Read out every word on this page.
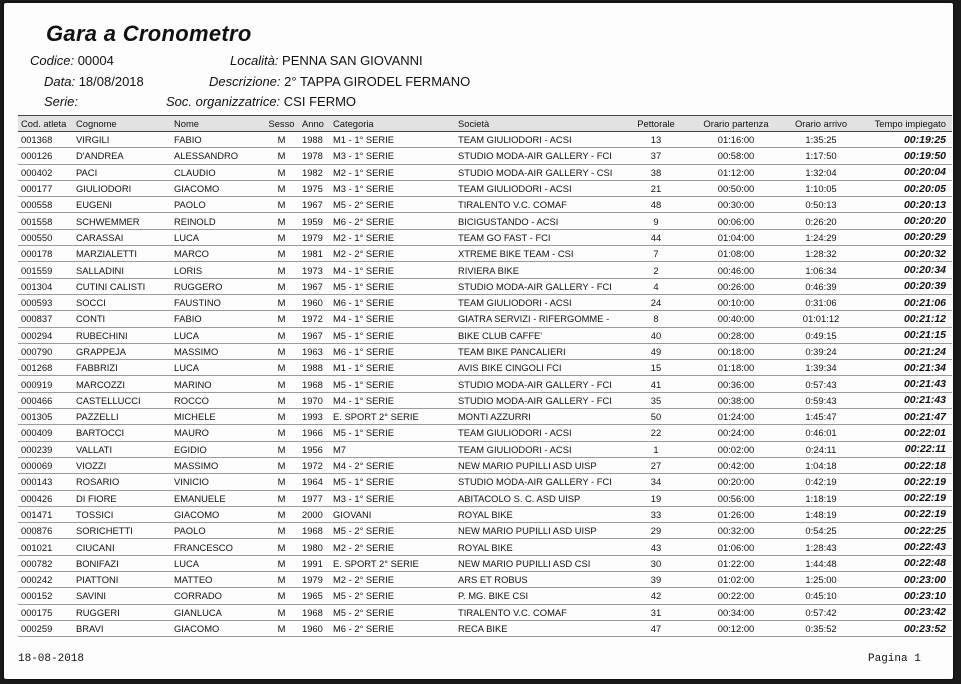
Gara a Cronometro
Codice: 00004
Data: 18/08/2018
Serie:
Località: PENNA SAN GIOVANNI
Descrizione: 2° TAPPA GIRODEL FERMANO
Soc. organizzatrice: CSI FERMO
Cod. atleta	Cognome	Nome	Sesso	Anno	Categoria	Società	Pettorale	Orario partenza	Orario arrivo	Tempo impiegato
001368	VIRGILI	FABIO	M	1988	M1 - 1° SERIE	TEAM GIULIODORI - ACSI	13	01:16:00	1:35:25	00:19:25
000126	D'ANDREA	ALESSANDRO	M	1978	M3 - 1° SERIE	STUDIO MODA-AIR GALLERY - FCI	37	00:58:00	1:17:50	00:19:50
000402	PACI	CLAUDIO	M	1982	M2 - 1° SERIE	STUDIO MODA-AIR GALLERY - CSI	38	01:12:00	1:32:04	00:20:04
000177	GIULIODORI	GIACOMO	M	1975	M3 - 1° SERIE	TEAM GIULIODORI - ACSI	21	00:50:00	1:10:05	00:20:05
000558	EUGENI	PAOLO	M	1967	M5 - 2° SERIE	TIRALENTO V.C. COMAF	48	00:30:00	0:50:13	00:20:13
001558	SCHWEMMER	REINOLD	M	1959	M6 - 2° SERIE	BICIGUSTANDO - ACSI	9	00:06:00	0:26:20	00:20:20
000550	CARASSAI	LUCA	M	1979	M2 - 1° SERIE	TEAM GO FAST - FCI	44	01:04:00	1:24:29	00:20:29
000178	MARZIALETTI	MARCO	M	1981	M2 - 2° SERIE	XTREME BIKE TEAM - CSI	7	01:08:00	1:28:32	00:20:32
001559	SALLADINI	LORIS	M	1973	M4 - 1° SERIE	RIVIERA BIKE	2	00:46:00	1:06:34	00:20:34
001304	CUTINI CALISTI	RUGGERO	M	1967	M5 - 1° SERIE	STUDIO MODA-AIR GALLERY - FCI	4	00:26:00	0:46:39	00:20:39
000593	SOCCI	FAUSTINO	M	1960	M6 - 1° SERIE	TEAM GIULIODORI - ACSI	24	00:10:00	0:31:06	00:21:06
000837	CONTI	FABIO	M	1972	M4 - 1° SERIE	GIATRA SERVIZI - RIFERGOMME -	8	00:40:00	01:01:12	00:21:12
000294	RUBECHINI	LUCA	M	1967	M5 - 1° SERIE	BIKE CLUB CAFFE'	40	00:28:00	0:49:15	00:21:15
000790	GRAPPEJA	MASSIMO	M	1963	M6 - 1° SERIE	TEAM BIKE PANCALIERI	49	00:18:00	0:39:24	00:21:24
001268	FABBRIZI	LUCA	M	1988	M1 - 1° SERIE	AVIS BIKE CINGOLI FCI	15	01:18:00	1:39:34	00:21:34
000919	MARCOZZI	MARINO	M	1968	M5 - 1° SERIE	STUDIO MODA-AIR GALLERY - FCI	41	00:36:00	0:57:43	00:21:43
000466	CASTELLUCCI	ROCCO	M	1970	M4 - 1° SERIE	STUDIO MODA-AIR GALLERY - FCI	35	00:38:00	0:59:43	00:21:43
001305	PAZZELLI	MICHELE	M	1993	E. SPORT 2° SERIE	MONTI AZZURRI	50	01:24:00	1:45:47	00:21:47
000409	BARTOCCI	MAURO	M	1966	M5 - 1° SERIE	TEAM GIULIODORI - ACSI	22	00:24:00	0:46:01	00:22:01
000239	VALLATI	EGIDIO	M	1956	M7	TEAM GIULIODORI - ACSI	1	00:02:00	0:24:11	00:22:11
000069	VIOZZI	MASSIMO	M	1972	M4 - 2° SERIE	NEW MARIO PUPILLI ASD UISP	27	00:42:00	1:04:18	00:22:18
000143	ROSARIO	VINICIO	M	1964	M5 - 1° SERIE	STUDIO MODA-AIR GALLERY - FCI	34	00:20:00	0:42:19	00:22:19
000426	DI FIORE	EMANUELE	M	1977	M3 - 1° SERIE	ABITACOLO S. C. ASD UISP	19	00:56:00	1:18:19	00:22:19
001471	TOSSICI	GIACOMO	M	2000	GIOVANI	ROYAL BIKE	33	01:26:00	1:48:19	00:22:19
000876	SORICHETTI	PAOLO	M	1968	M5 - 2° SERIE	NEW MARIO PUPILLI ASD UISP	29	00:32:00	0:54:25	00:22:25
001021	CIUCANI	FRANCESCO	M	1980	M2 - 2° SERIE	ROYAL BIKE	43	01:06:00	1:28:43	00:22:43
000782	BONIFAZI	LUCA	M	1991	E. SPORT 2° SERIE	NEW MARIO PUPILLI ASD CSI	30	01:22:00	1:44:48	00:22:48
000242	PIATTONI	MATTEO	M	1979	M2 - 2° SERIE	ARS ET ROBUS	39	01:02:00	1:25:00	00:23:00
000152	SAVINI	CORRADO	M	1965	M5 - 2° SERIE	P. MG. BIKE CSI	42	00:22:00	0:45:10	00:23:10
000175	RUGGERI	GIANLUCA	M	1968	M5 - 2° SERIE	TIRALENTO V.C. COMAF	31	00:34:00	0:57:42	00:23:42
000259	BRAVI	GIACOMO	M	1960	M6 - 2° SERIE	RECA BIKE	47	00:12:00	0:35:52	00:23:52
18-08-2018	Pagina 1
